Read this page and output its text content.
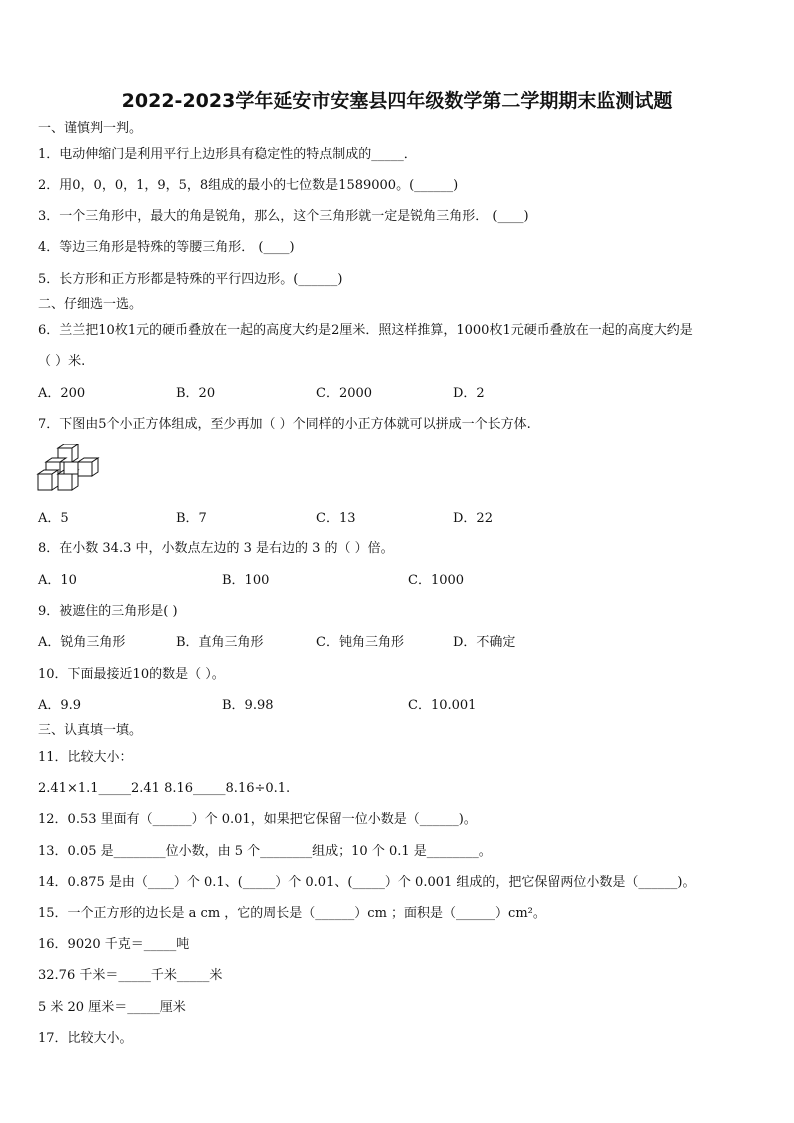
2022-2023学年延安市安塞县四年级数学第二学期期末监测试题
一、谨慎判一判。
1．电动伸缩门是利用平行上边形具有稳定性的特点制成的_____．
2．用0，0，0，1，9，5，8组成的最小的七位数是1589000。(______)
3．一个三角形中，最大的角是锐角，那么，这个三角形就一定是锐角三角形． (____)
4．等边三角形是特殊的等腰三角形． (____)
5．长方形和正方形都是特殊的平行四边形。(______)
二、仔细选一选。
6．兰兰把10枚1元的硬币叠放在一起的高度大约是2厘米．照这样推算，1000枚1元硬币叠放在一起的高度大约是
（ ）米.
A．200	B．20	C．2000	D．2
7．下图由5个小正方体组成，至少再加（ ）个同样的小正方体就可以拼成一个长方体.
A．5	B．7	C．13	D．22
8．在小数 34.3 中，小数点左边的 3 是右边的 3 的（ ）倍。
A．10	B．100	C．1000
9．被遮住的三角形是( )
A．锐角三角形	B．直角三角形	C．钝角三角形	D．不确定
10．下面最接近10的数是（ ）。
A．9.9	B．9.98	C．10.001
三、认真填一填。
11．比较大小：
2.41×1.1_____2.41 8.16_____8.16÷0.1.
12．0.53 里面有（______）个 0.01，如果把它保留一位小数是（______)。
13．0.05 是________位小数，由 5 个________组成；10 个 0.1 是________。
14．0.875 是由（____）个 0.1、(_____）个 0.01、(_____）个 0.001 组成的，把它保留两位小数是（______)。
15．一个正方形的边长是 a cm ，它的周长是（______）cm ；面积是（______）cm²。
16．9020 千克＝_____吨
32.76 千米＝_____千米_____米
5 米 20 厘米＝_____厘米
17．比较大小。
